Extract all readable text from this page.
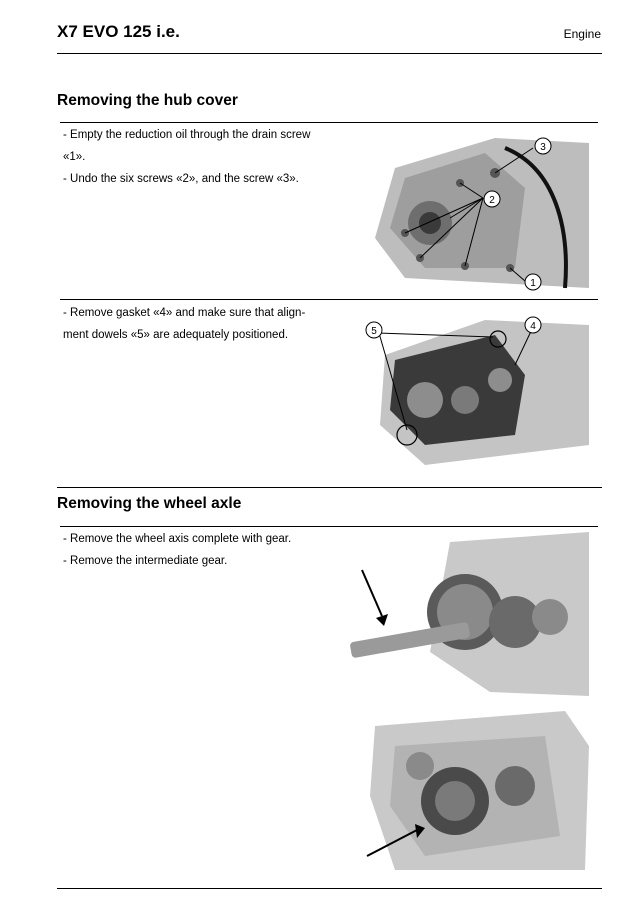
X7 EVO 125 i.e.	Engine
Removing the hub cover

- Empty the reduction oil through the drain screw

«1».

- Undo the six screws «2», and the screw «3».

3
2
1

- Remove gasket «4» and make sure that align-

ment dowels «5» are adequately positioned.	5	4
Removing the wheel axle

- Remove the wheel axis complete with gear.

- Remove the intermediate gear.
